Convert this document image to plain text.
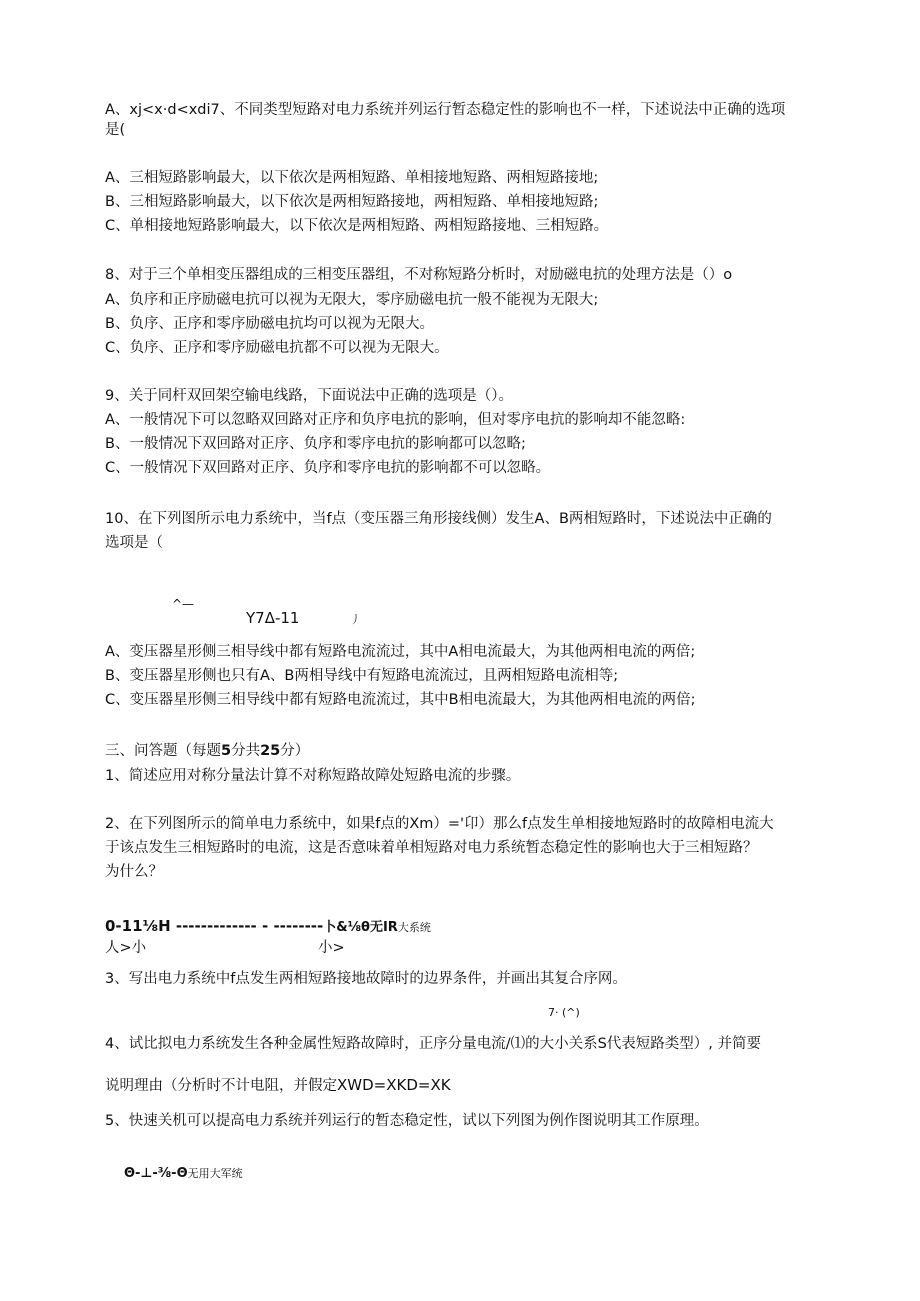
A、xj<x·d<xdi7、不同类型短路对电力系统并列运行暂态稳定性的影响也不一样，下述说法中正确的选项
是(
A、三相短路影响最大，以下依次是两相短路、单相接地短路、两相短路接地;
B、三相短路影响最大，以下依次是两相短路接地，两相短路、单相接地短路;
C、单相接地短路影响最大，以下依次是两相短路、两相短路接地、三相短路。
8、对于三个单相变压器组成的三相变压器组，不对称短路分析时，对励磁电抗的处理方法是（）o
A、负序和正序励磁电抗可以视为无限大，零序励磁电抗一般不能视为无限大;
B、负序、正序和零序励磁电抗均可以视为无限大。
C、负序、正序和零序励磁电抗都不可以视为无限大。
9、关于同杆双回架空输电线路，下面说法中正确的选项是（）。
A、一般情况下可以忽略双回路对正序和负序电抗的影响，但对零序电抗的影响却不能忽略:
B、一般情况下双回路对正序、负序和零序电抗的影响都可以忽略;
C、一般情况下双回路对正序、负序和零序电抗的影响都不可以忽略。
10、在下列图所示电力系统中，当f点（变压器三角形接线侧）发生A、B两相短路时，下述说法中正确的
选项是（
^—
Y7Δ-11	丿
A、变压器星形侧三相导线中都有短路电流流过，其中A相电流最大，为其他两相电流的两倍;
B、变压器星形侧也只有A、B两相导线中有短路电流流过，且两相短路电流相等;
C、变压器星形侧三相导线中都有短路电流流过，其中B相电流最大，为其他两相电流的两倍;
三、问答题（每题5分共25分）
1、简述应用对称分量法计算不对称短路故障处短路电流的步骤。
2、在下列图所示的简单电力系统中，如果f点的Xm）='卬）那么f点发生单相接地短路时的故障相电流大
于该点发生三相短路时的电流，这是否意味着单相短路对电力系统暂态稳定性的影响也大于三相短路？
为什么？
0-11⅛H ------------- - --------卜&⅛θ无IR大系统
人>小	小>
3、写出电力系统中f点发生两相短路接地故障时的边界条件，并画出其复合序网。
7· (^)
4、试比拟电力系统发生各种金属性短路故障时，正序分量电流/⑴的大小关系S代表短路类型）, 并简要
说明理由（分析时不计电阻，并假定XWD=XKD=XK
5、快速关机可以提高电力系统并列运行的暂态稳定性，试以下列图为例作图说明其工作原理。
Θ-⊥-⅜-Θ无用大军统
